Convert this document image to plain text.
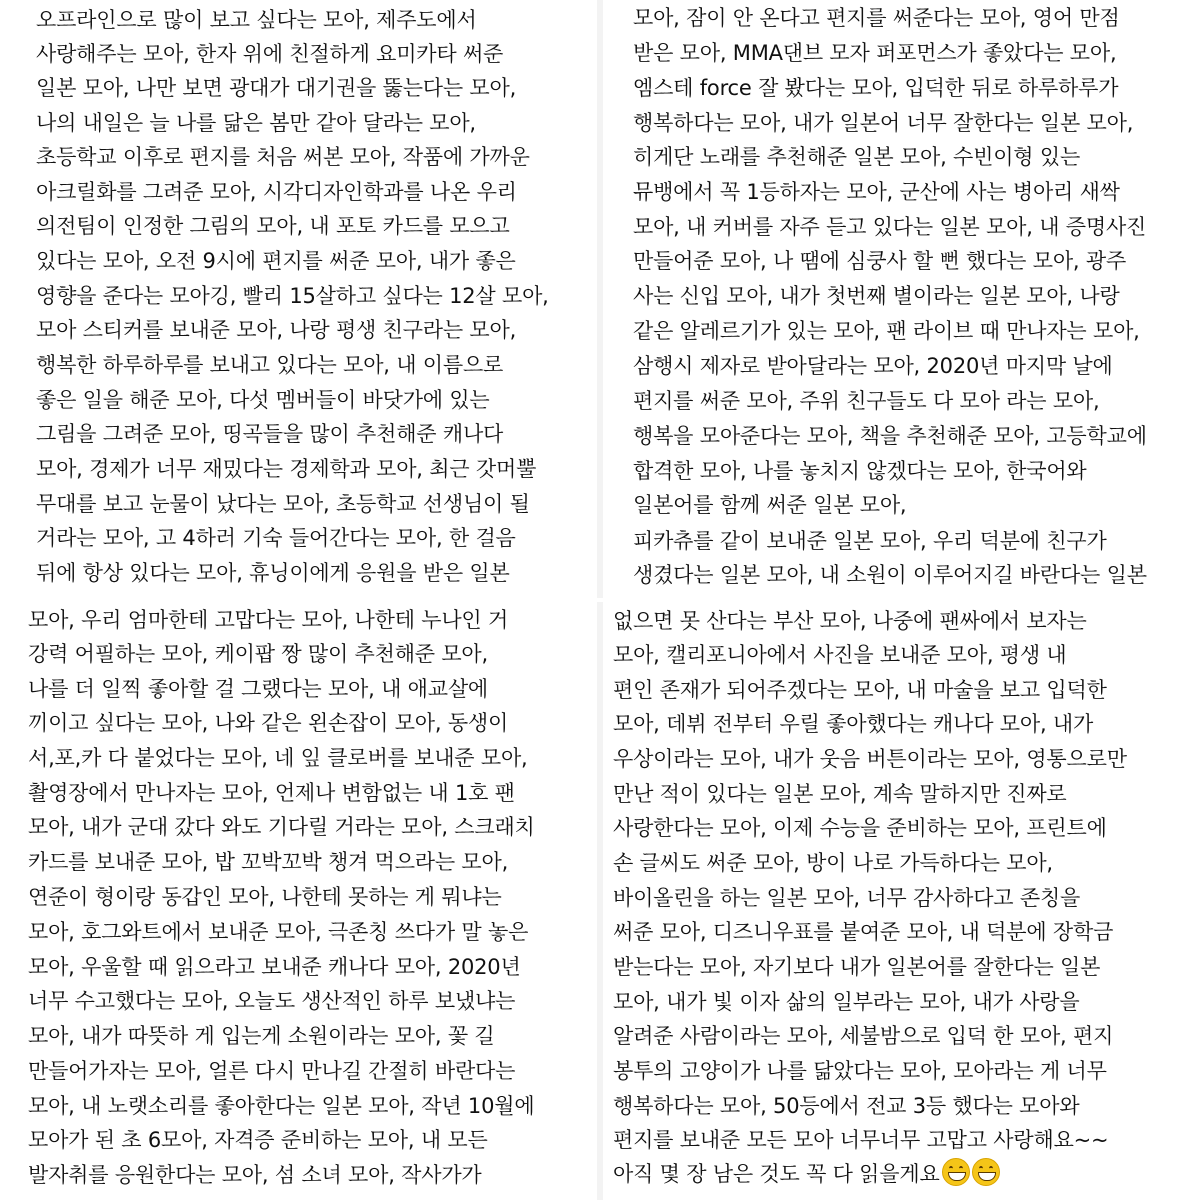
오프라인으로 많이 보고 싶다는 모아, 제주도에서
사랑해주는 모아, 한자 위에 친절하게 요미카타 써준
일본 모아, 나만 보면 광대가 대기권을 뚫는다는 모아,
나의 내일은 늘 나를 닮은 봄만 같아 달라는 모아,
초등학교 이후로 편지를 처음 써본 모아, 작품에 가까운
아크릴화를 그려준 모아, 시각디자인학과를 나온 우리
의전팀이 인정한 그림의 모아, 내 포토 카드를 모으고
있다는 모아, 오전 9시에 편지를 써준 모아, 내가 좋은
영향을 준다는 모아깅, 빨리 15살하고 싶다는 12살 모아,
모아 스티커를 보내준 모아, 나랑 평생 친구라는 모아,
행복한 하루하루를 보내고 있다는 모아, 내 이름으로
좋은 일을 해준 모아, 다섯 멤버들이 바닷가에 있는
그림을 그려준 모아, 띵곡들을 많이 추천해준 캐나다
모아, 경제가 너무 재밌다는 경제학과 모아, 최근 갓머뿔
무대를 보고 눈물이 났다는 모아, 초등학교 선생님이 될
거라는 모아, 고 4하러 기숙 들어간다는 모아, 한 걸음
뒤에 항상 있다는 모아, 휴닝이에게 응원을 받은 일본
모아, 잠이 안 온다고 편지를 써준다는 모아, 영어 만점
받은 모아, MMA댄브 모자 퍼포먼스가 좋았다는 모아,
엠스테 force 잘 봤다는 모아, 입덕한 뒤로 하루하루가
행복하다는 모아, 내가 일본어 너무 잘한다는 일본 모아,
히게단 노래를 추천해준 일본 모아, 수빈이형 있는
뮤뱅에서 꼭 1등하자는 모아, 군산에 사는 병아리 새싹
모아, 내 커버를 자주 듣고 있다는 일본 모아, 내 증명사진
만들어준 모아, 나 땜에 심쿵사 할 뻔 했다는 모아, 광주
사는 신입 모아, 내가 첫번째 별이라는 일본 모아, 나랑
같은 알레르기가 있는 모아, 팬 라이브 때 만나자는 모아,
삼행시 제자로 받아달라는 모아, 2020년 마지막 날에
편지를 써준 모아, 주위 친구들도 다 모아 라는 모아,
행복을 모아준다는 모아, 책을 추천해준 모아, 고등학교에
합격한 모아, 나를 놓치지 않겠다는 모아, 한국어와
일본어를 함께 써준 일본 모아,
피카츄를 같이 보내준 일본 모아, 우리 덕분에 친구가
생겼다는 일본 모아, 내 소원이 이루어지길 바란다는 일본
모아, 우리 엄마한테 고맙다는 모아, 나한테 누나인 거
강력 어필하는 모아, 케이팝 짱 많이 추천해준 모아,
나를 더 일찍 좋아할 걸 그랬다는 모아, 내 애교살에
끼이고 싶다는 모아, 나와 같은 왼손잡이 모아, 동생이
서,포,카 다 붙었다는 모아, 네 잎 클로버를 보내준 모아,
촬영장에서 만나자는 모아, 언제나 변함없는 내 1호 팬
모아, 내가 군대 갔다 와도 기다릴 거라는 모아, 스크래치
카드를 보내준 모아, 밥 꼬박꼬박 챙겨 먹으라는 모아,
연준이 형이랑 동갑인 모아, 나한테 못하는 게 뭐냐는
모아, 호그와트에서 보내준 모아, 극존칭 쓰다가 말 놓은
모아, 우울할 때 읽으라고 보내준 캐나다 모아, 2020년
너무 수고했다는 모아, 오늘도 생산적인 하루 보냈냐는
모아, 내가 따뜻하 게 입는게 소원이라는 모아, 꽃 길
만들어가자는 모아, 얼른 다시 만나길 간절히 바란다는
모아, 내 노랫소리를 좋아한다는 일본 모아, 작년 10월에
모아가 된 초 6모아, 자격증 준비하는 모아, 내 모든
발자취를 응원한다는 모아, 섬 소녀 모아, 작사가가
없으면 못 산다는 부산 모아, 나중에 팬싸에서 보자는
모아, 캘리포니아에서 사진을 보내준 모아, 평생 내
편인 존재가 되어주겠다는 모아, 내 마술을 보고 입덕한
모아, 데뷔 전부터 우릴 좋아했다는 캐나다 모아, 내가
우상이라는 모아, 내가 웃음 버튼이라는 모아, 영통으로만
만난 적이 있다는 일본 모아, 계속 말하지만 진짜로
사랑한다는 모아, 이제 수능을 준비하는 모아, 프린트에
손 글씨도 써준 모아, 방이 나로 가득하다는 모아,
바이올린을 하는 일본 모아, 너무 감사하다고 존칭을
써준 모아, 디즈니우표를 붙여준 모아, 내 덕분에 장학금
받는다는 모아, 자기보다 내가 일본어를 잘한다는 일본
모아, 내가 빛 이자 삶의 일부라는 모아, 내가 사랑을
알려준 사람이라는 모아, 세불밤으로 입덕 한 모아, 편지
봉투의 고양이가 나를 닮았다는 모아, 모아라는 게 너무
행복하다는 모아, 50등에서 전교 3등 했다는 모아와
편지를 보내준 모든 모아 너무너무 고맙고 사랑해요~~
아직 몇 장 남은 것도 꼭 다 읽을게요
